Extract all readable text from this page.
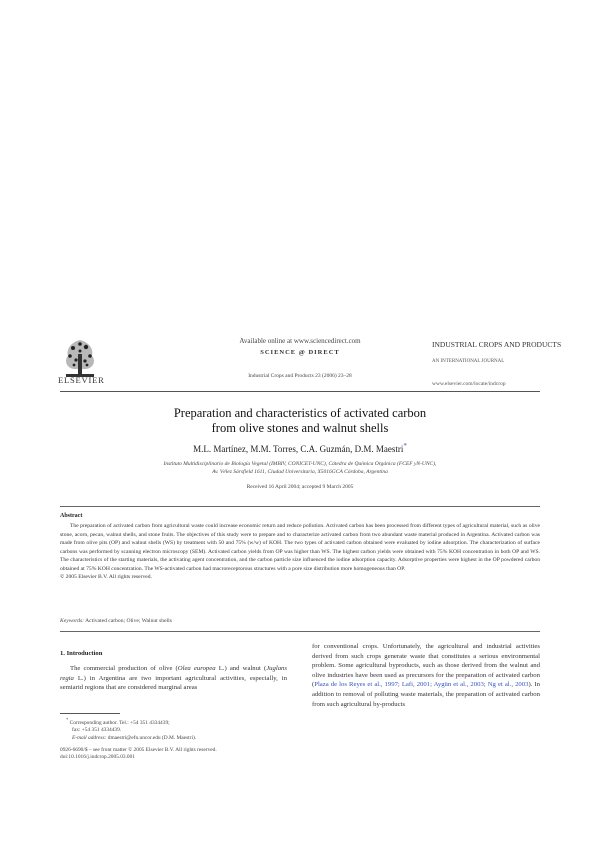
ELSEVIER
Available online at www.sciencedirect.com
SCIENCE @ DIRECT
Industrial Crops and Products 23 (2006) 23–28
INDUSTRIAL CROPS AND PRODUCTS
AN INTERNATIONAL JOURNAL
www.elsevier.com/locate/indcrop
Preparation and characteristics of activated carbon
from olive stones and walnut shells
M.L. Martínez, M.M. Torres, C.A. Guzmán, D.M. Maestri*
Instituto Multidisciplinario de Biología Vegetal (IMBIV, CONICET-UNC), Cátedra de Química Orgánica (FCEF yN-UNC),
Av. Vélez Sársfield 1611, Ciudad Universitaria, X5016GCA Córdoba, Argentina
Received 16 April 2004; accepted 9 March 2005
Abstract
The preparation of activated carbon from agricultural waste could increase economic return and reduce pollution. Activated carbon has been processed from different types of agricultural material, such as olive stone, acorn, pecan, walnut shells, and stone fruits. The objectives of this study were to prepare and to characterize activated carbon from two abundant waste material produced in Argentina. Activated carbon was made from olive pits (OP) and walnut shells (WS) by treatment with 50 and 75% (w/w) of KOH. The two types of activated carbon obtained were evaluated by iodine adsorption. The characterization of surface carbons was performed by scanning electron microscopy (SEM). Activated carbon yields from OP was higher than WS. The highest carbon yields were obtained with 75% KOH concentration in both OP and WS. The characteristics of the starting materials, the activating agent concentration, and the carbon particle size influenced the iodine adsorption capacity. Adsorptive properties were highest in the OP powdered carbon obtained at 75% KOH concentration. The WS-activated carbon had macroreceptorous structures with a pore size distribution more homogeneous than OP.

© 2005 Elsevier B.V. All rights reserved.
Keywords: Activated carbon; Olive; Walnut shells
1. Introduction
The commercial production of olive (Olea europea L.) and walnut (Juglans regia L.) in Argentina are two important agricultural activities, especially, in semiarid regions that are considered marginal areas
for conventional crops. Unfortunately, the agricultural and industrial activities derived from such crops generate waste that constitutes a serious environmental problem. Some agricultural byproducts, such as those derived from the walnut and olive industries have been used as precursors for the preparation of activated carbon (Plaza de los Reyes et al., 1997; Lafi, 2001; Aygün et al., 2003; Ng et al., 2003). In addition to removal of polluting waste materials, the preparation of activated carbon from such agricultural by-products
* Corresponding author. Tel.: +54 351 4334439;
fax: +54 351 4334439.
E-mail address: dmaestri@efn.uncor.edu (D.M. Maestri).
0926-6690/$ – see front matter © 2005 Elsevier B.V. All rights reserved.
doi:10.1016/j.indcrop.2005.03.001
